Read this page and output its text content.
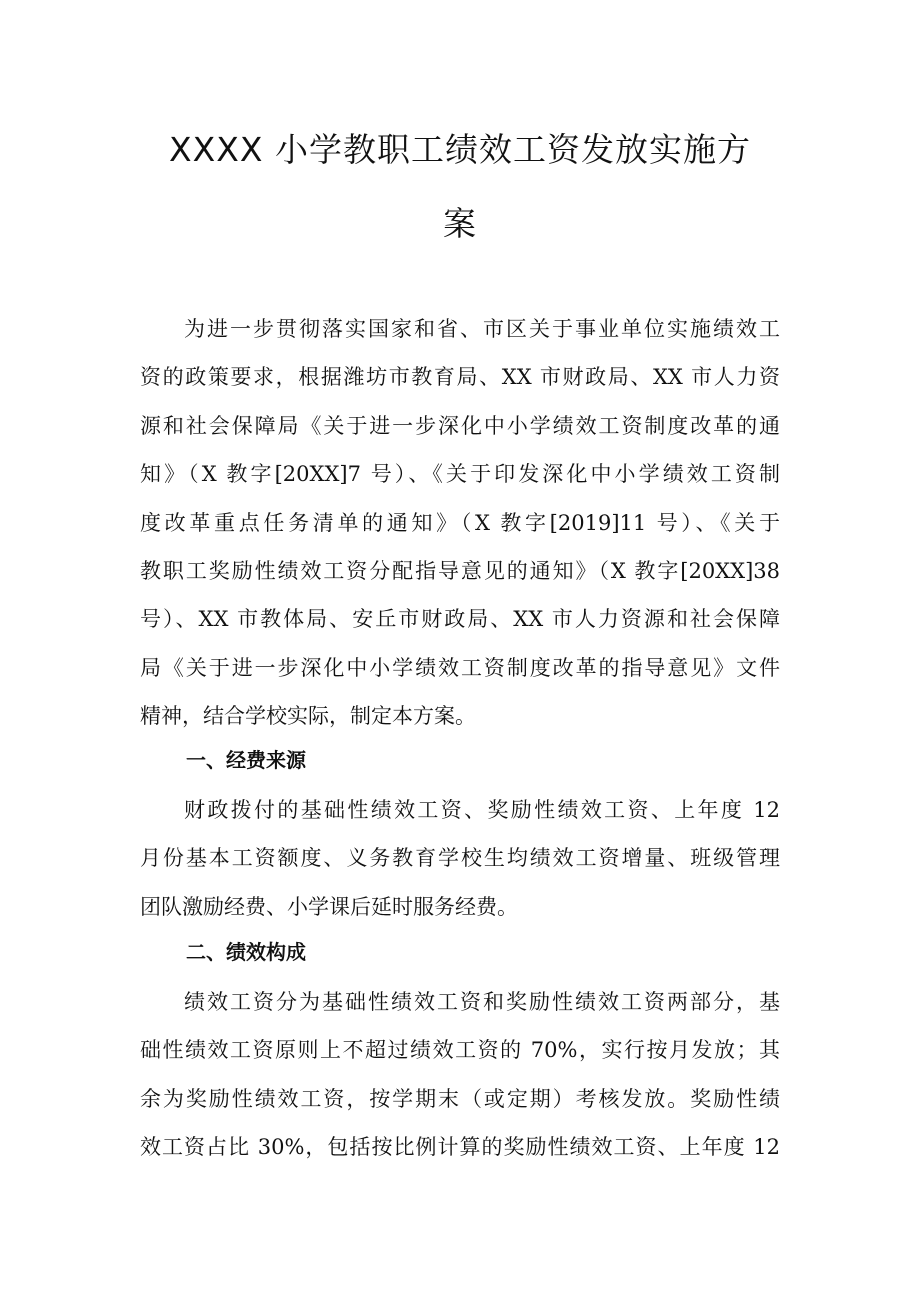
XXXX 小学教职工绩效工资发放实施方
案
为进一步贯彻落实国家和省、市区关于事业单位实施绩效工
资的政策要求，根据潍坊市教育局、XX 市财政局、XX 市人力资
源和社会保障局《关于进一步深化中小学绩效工资制度改革的通
知》（X 教字[20XX]7 号）、《关于印发深化中小学绩效工资制
度改革重点任务清单的通知》（X 教字[2019]11 号）、《关于
教职工奖励性绩效工资分配指导意见的通知》（X 教字[20XX]38
号）、XX 市教体局、安丘市财政局、XX 市人力资源和社会保障
局《关于进一步深化中小学绩效工资制度改革的指导意见》文件
精神，结合学校实际，制定本方案。
一、经费来源
财政拨付的基础性绩效工资、奖励性绩效工资、上年度 12
月份基本工资额度、义务教育学校生均绩效工资增量、班级管理
团队激励经费、小学课后延时服务经费。
二、绩效构成
绩效工资分为基础性绩效工资和奖励性绩效工资两部分，基
础性绩效工资原则上不超过绩效工资的 70%，实行按月发放；其
余为奖励性绩效工资，按学期末（或定期）考核发放。奖励性绩
效工资占比 30%，包括按比例计算的奖励性绩效工资、上年度 12
